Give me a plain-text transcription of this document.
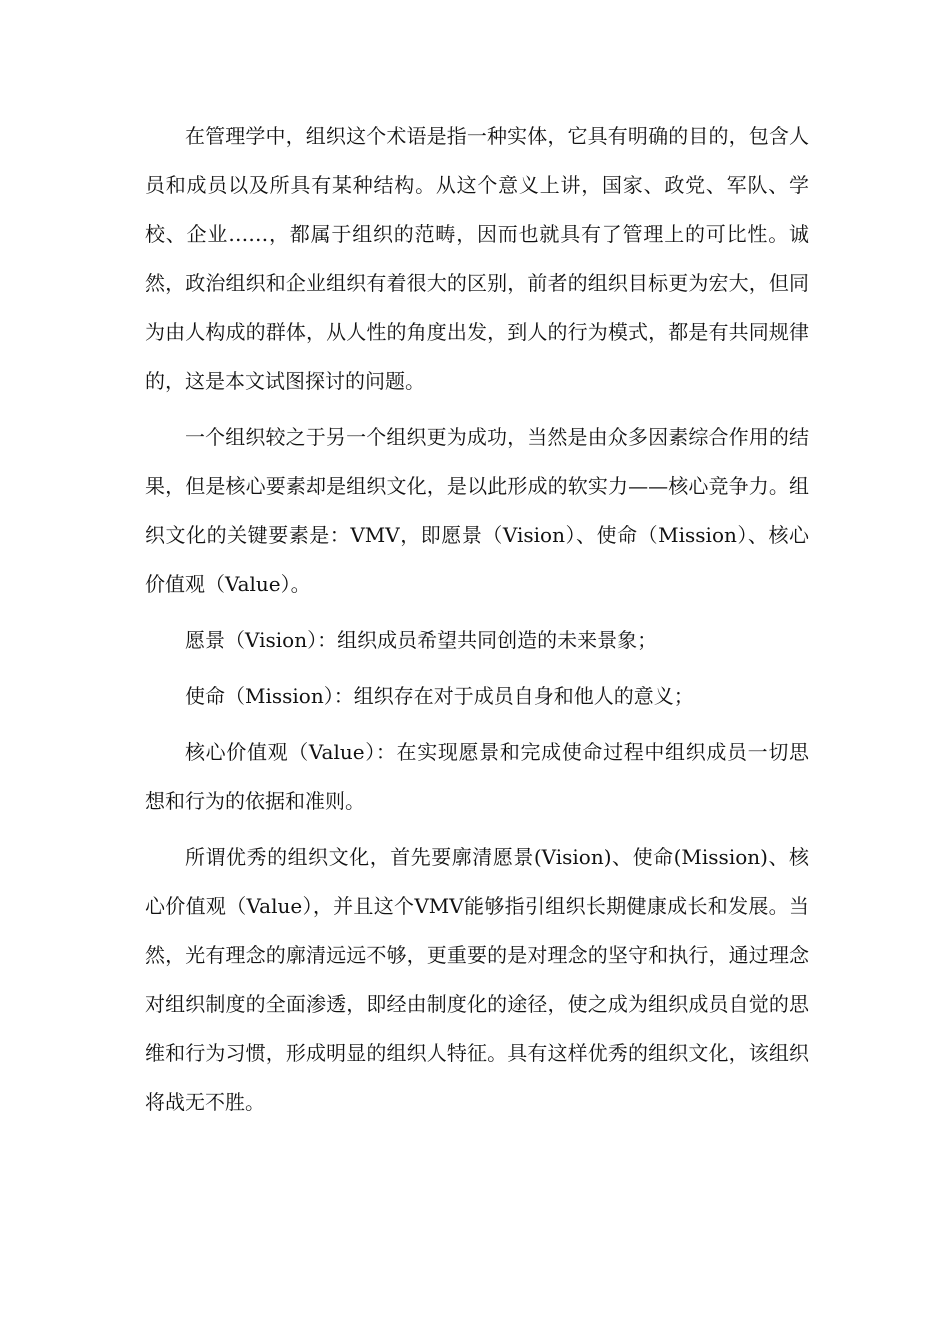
在管理学中，组织这个术语是指一种实体，它具有明确的目的，包含人员和成员以及所具有某种结构。从这个意义上讲，国家、政党、军队、学校、企业……，都属于组织的范畴，因而也就具有了管理上的可比性。诚然，政治组织和企业组织有着很大的区别，前者的组织目标更为宏大，但同为由人构成的群体，从人性的角度出发，到人的行为模式，都是有共同规律的，这是本文试图探讨的问题。

一个组织较之于另一个组织更为成功，当然是由众多因素综合作用的结果，但是核心要素却是组织文化，是以此形成的软实力——核心竞争力。组织文化的关键要素是：VMV，即愿景（Vision）、使命（Mission）、核心价值观（Value）。

愿景（Vision）：组织成员希望共同创造的未来景象；

使命（Mission）：组织存在对于成员自身和他人的意义；

核心价值观（Value）：在实现愿景和完成使命过程中组织成员一切思想和行为的依据和准则。

所谓优秀的组织文化，首先要廓清愿景(Vision)、使命(Mission)、核心价值观（Value），并且这个VMV能够指引组织长期健康成长和发展。当然，光有理念的廓清远远不够，更重要的是对理念的坚守和执行，通过理念对组织制度的全面渗透，即经由制度化的途径，使之成为组织成员自觉的思维和行为习惯，形成明显的组织人特征。具有这样优秀的组织文化，该组织将战无不胜。
